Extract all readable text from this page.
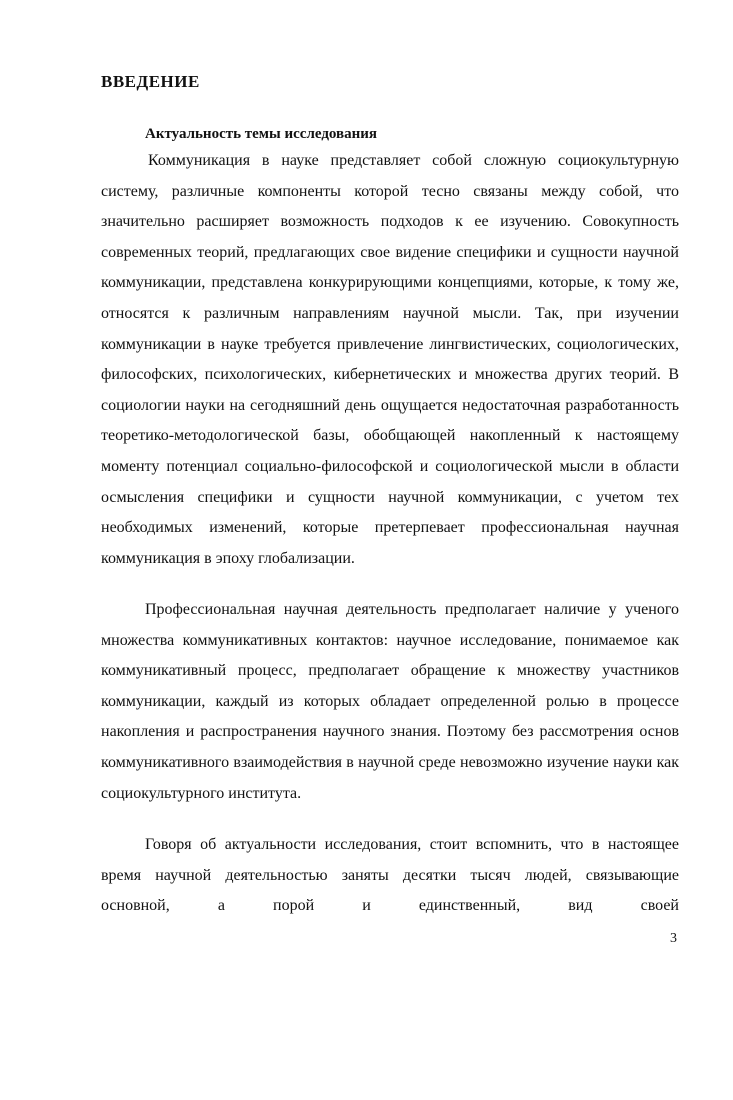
ВВЕДЕНИЕ
Актуальность темы исследования

Коммуникация в науке представляет собой сложную социокультурную систему, различные компоненты которой тесно связаны между собой, что значительно расширяет возможность подходов к ее изучению. Совокупность современных теорий, предлагающих свое видение специфики и сущности научной коммуникации, представлена конкурирующими концепциями, которые, к тому же, относятся к различным направлениям научной мысли. Так, при изучении коммуникации в науке требуется привлечение лингвистических, социологических, философских, психологических, кибернетических и множества других теорий. В социологии науки на сегодняшний день ощущается недостаточная разработанность теоретико-методологической базы, обобщающей накопленный к настоящему моменту потенциал социально-философской и социологической мысли в области осмысления специфики и сущности научной коммуникации, с учетом тех необходимых изменений, которые претерпевает профессиональная научная коммуникация в эпоху глобализации.

Профессиональная научная деятельность предполагает наличие у ученого множества коммуникативных контактов: научное исследование, понимаемое как коммуникативный процесс, предполагает обращение к множеству участников коммуникации, каждый из которых обладает определенной ролью в процессе накопления и распространения научного знания. Поэтому без рассмотрения основ коммуникативного взаимодействия в научной среде невозможно изучение науки как социокультурного института.

Говоря об актуальности исследования, стоит вспомнить, что в настоящее время научной деятельностью заняты десятки тысяч людей, связывающие основной, а порой и единственный, вид своей

3
